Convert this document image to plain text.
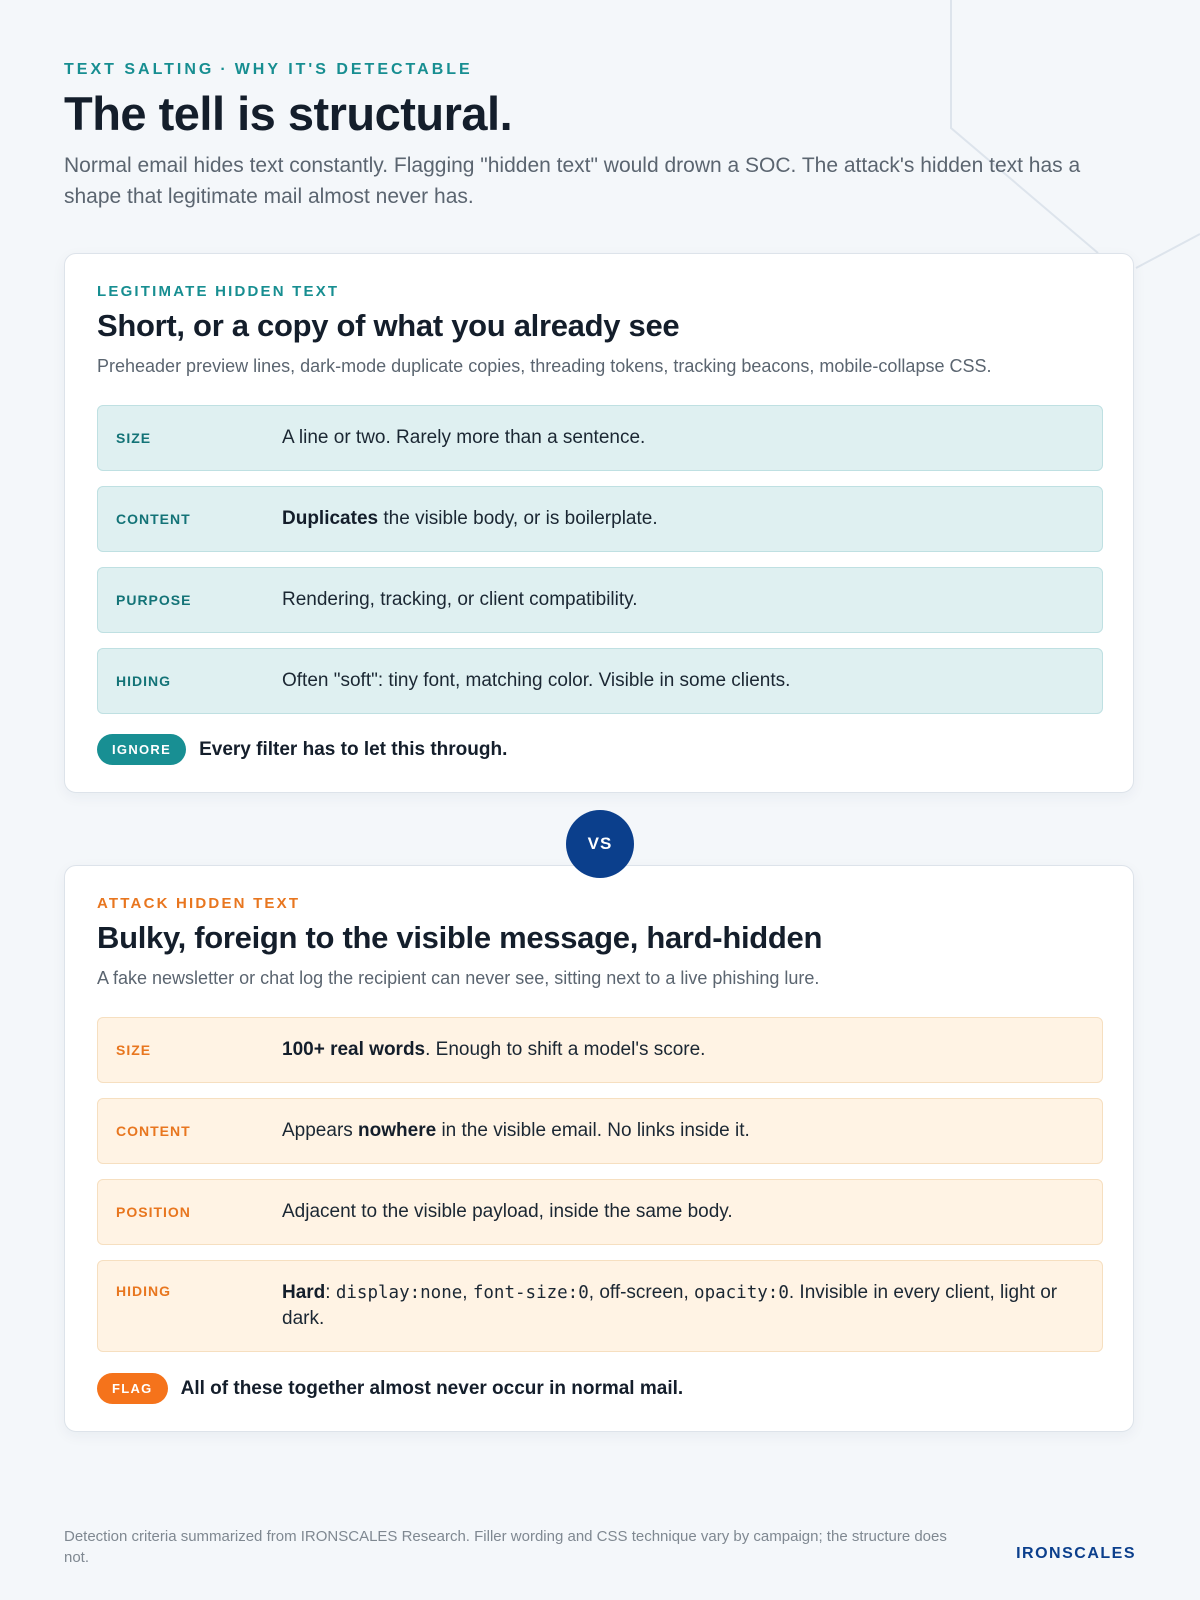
TEXT SALTING · WHY IT'S DETECTABLE
The tell is structural.

Normal email hides text constantly. Flagging "hidden text" would drown a SOC. The attack's hidden text has a shape that legitimate mail almost never has.

LEGITIMATE HIDDEN TEXT
Short, or a copy of what you already see

Preheader preview lines, dark-mode duplicate copies, threading tokens, tracking beacons, mobile-collapse CSS.

SIZE	A line or two. Rarely more than a sentence.
CONTENT	Duplicates the visible body, or is boilerplate.
PURPOSE	Rendering, tracking, or client compatibility.
HIDING	Often "soft": tiny font, matching color. Visible in some clients.
IGNORE	Every filter has to let this through.
ATTACK HIDDEN TEXT
Bulky, foreign to the visible message, hard-hidden

A fake newsletter or chat log the recipient can never see, sitting next to a live phishing lure.

SIZE	100+ real words. Enough to shift a model's score.
CONTENT	Appears nowhere in the visible email. No links inside it.
POSITION	Adjacent to the visible payload, inside the same body.
HIDING	Hard: display:none, font-size:0, off-screen, opacity:0. Invisible in every client, light or dark.
FLAG	All of these together almost never occur in normal mail.

Detection criteria summarized from IRONSCALES Research. Filler wording and CSS technique vary by campaign; the structure does not.	IRONSCALES
VS
